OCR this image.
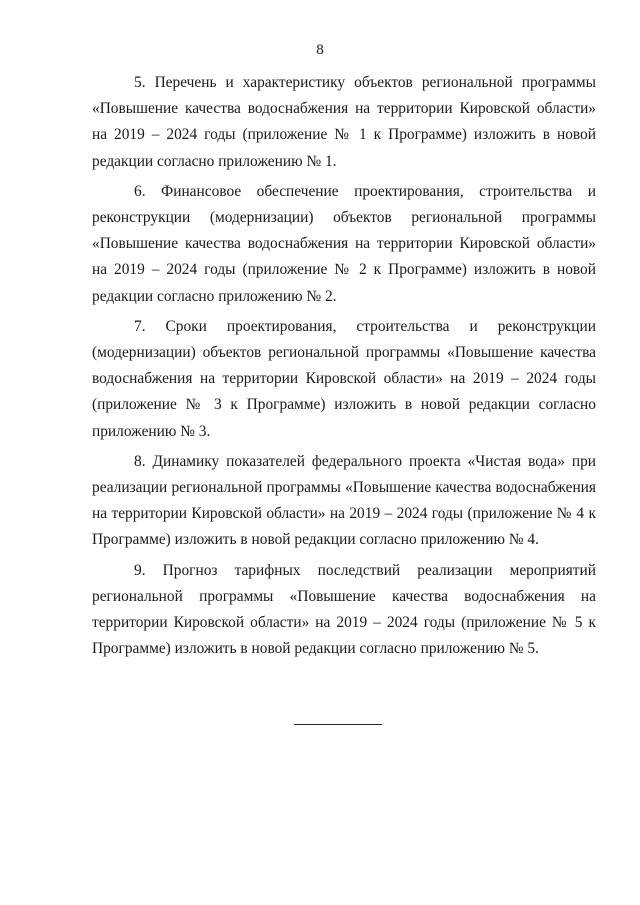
8

5. Перечень и характеристику объектов региональной программы «Повышение качества водоснабжения на территории Кировской области» на 2019 – 2024 годы (приложение № 1 к Программе) изложить в новой редакции согласно приложению № 1.

6. Финансовое обеспечение проектирования, строительства и реконструкции (модернизации) объектов региональной программы «Повышение качества водоснабжения на территории Кировской области» на 2019 – 2024 годы (приложение № 2 к Программе) изложить в новой редакции согласно приложению № 2.

7. Сроки проектирования, строительства и реконструкции (модернизации) объектов региональной программы «Повышение качества водоснабжения на территории Кировской области» на 2019 – 2024 годы (приложение № 3 к Программе) изложить в новой редакции согласно приложению № 3.

8. Динамику показателей федерального проекта «Чистая вода» при реализации региональной программы «Повышение качества водоснабжения на территории Кировской области» на 2019 – 2024 годы (приложение № 4 к Программе) изложить в новой редакции согласно приложению № 4.

9. Прогноз тарифных последствий реализации мероприятий региональной программы «Повышение качества водоснабжения на территории Кировской области» на 2019 – 2024 годы (приложение № 5 к Программе) изложить в новой редакции согласно приложению № 5.
